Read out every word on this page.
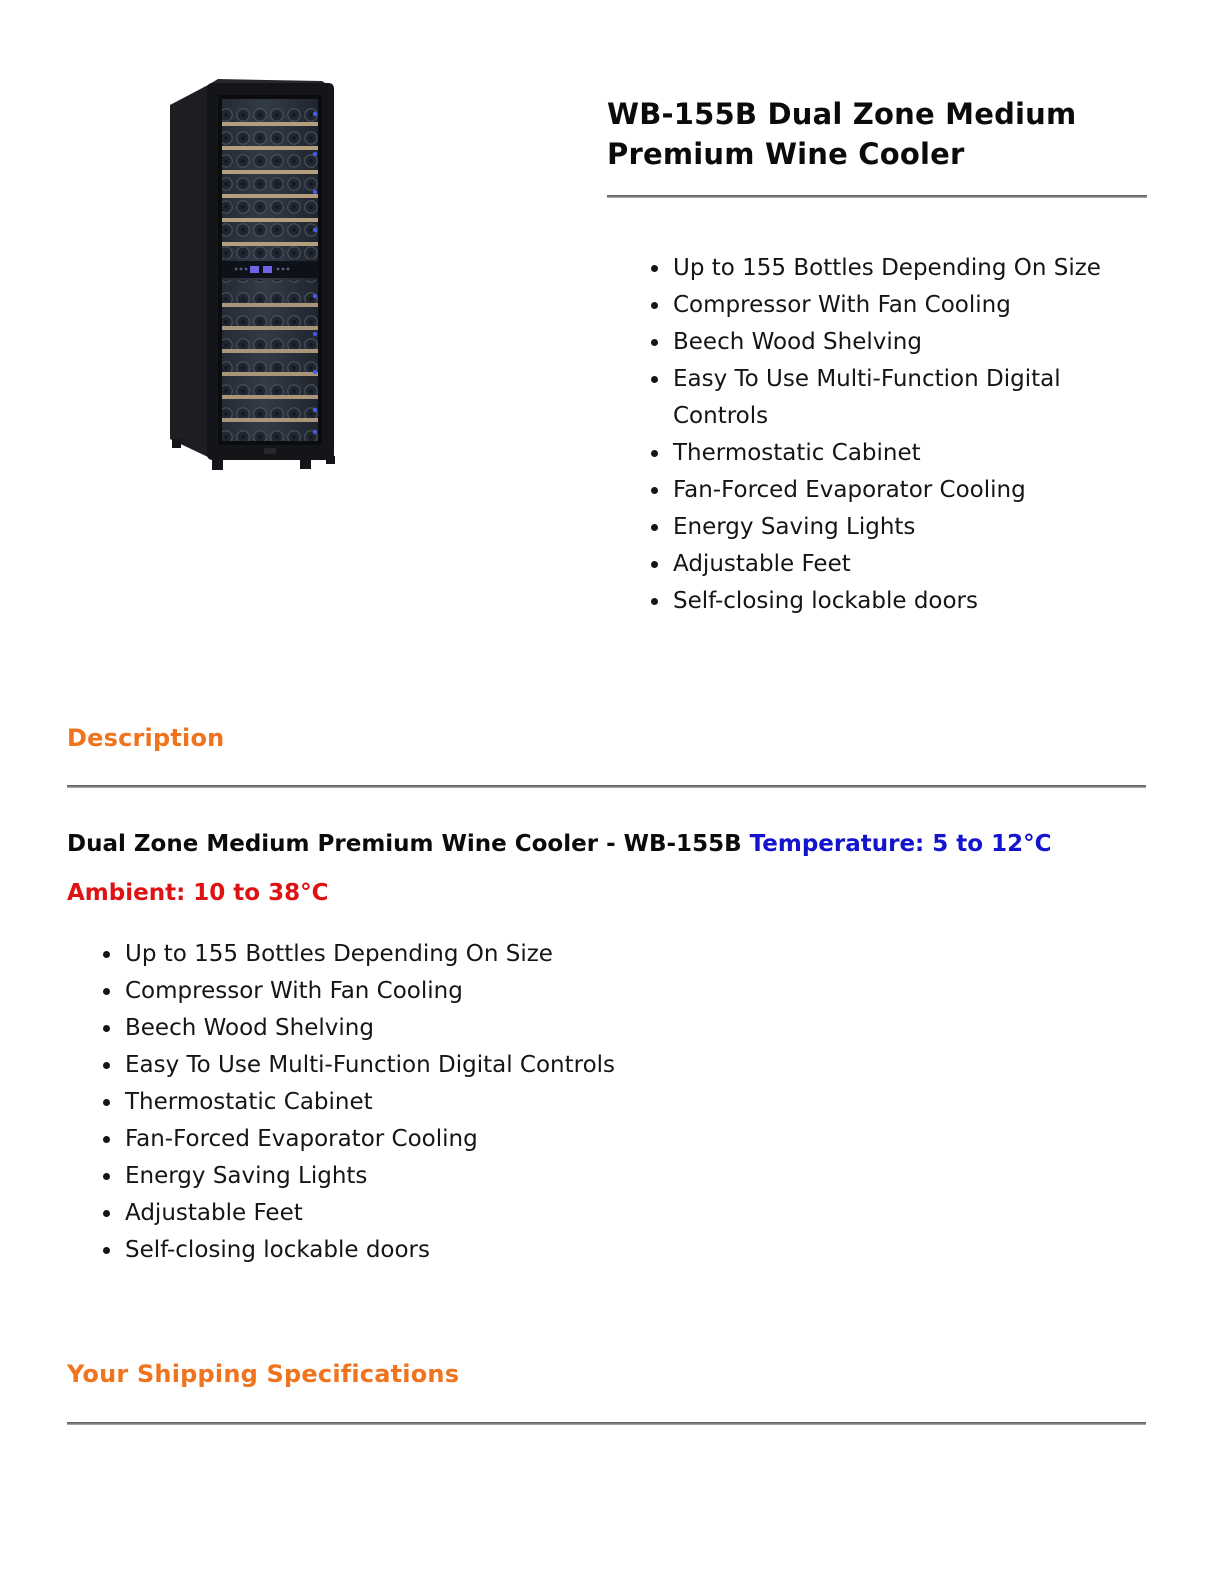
WB-155B Dual Zone Medium Premium Wine Cooler
• Up to 155 Bottles Depending On Size
• Compressor With Fan Cooling
• Beech Wood Shelving
• Easy To Use Multi-Function Digital Controls
• Thermostatic Cabinet
• Fan-Forced Evaporator Cooling
• Energy Saving Lights
• Adjustable Feet
• Self-closing lockable doors
Description

Dual Zone Medium Premium Wine Cooler - WB-155B Temperature: 5 to 12°C Ambient: 10 to 38°C

• Up to 155 Bottles Depending On Size
• Compressor With Fan Cooling
• Beech Wood Shelving
• Easy To Use Multi-Function Digital Controls
• Thermostatic Cabinet
• Fan-Forced Evaporator Cooling
• Energy Saving Lights
• Adjustable Feet
• Self-closing lockable doors
Your Shipping Specifications
